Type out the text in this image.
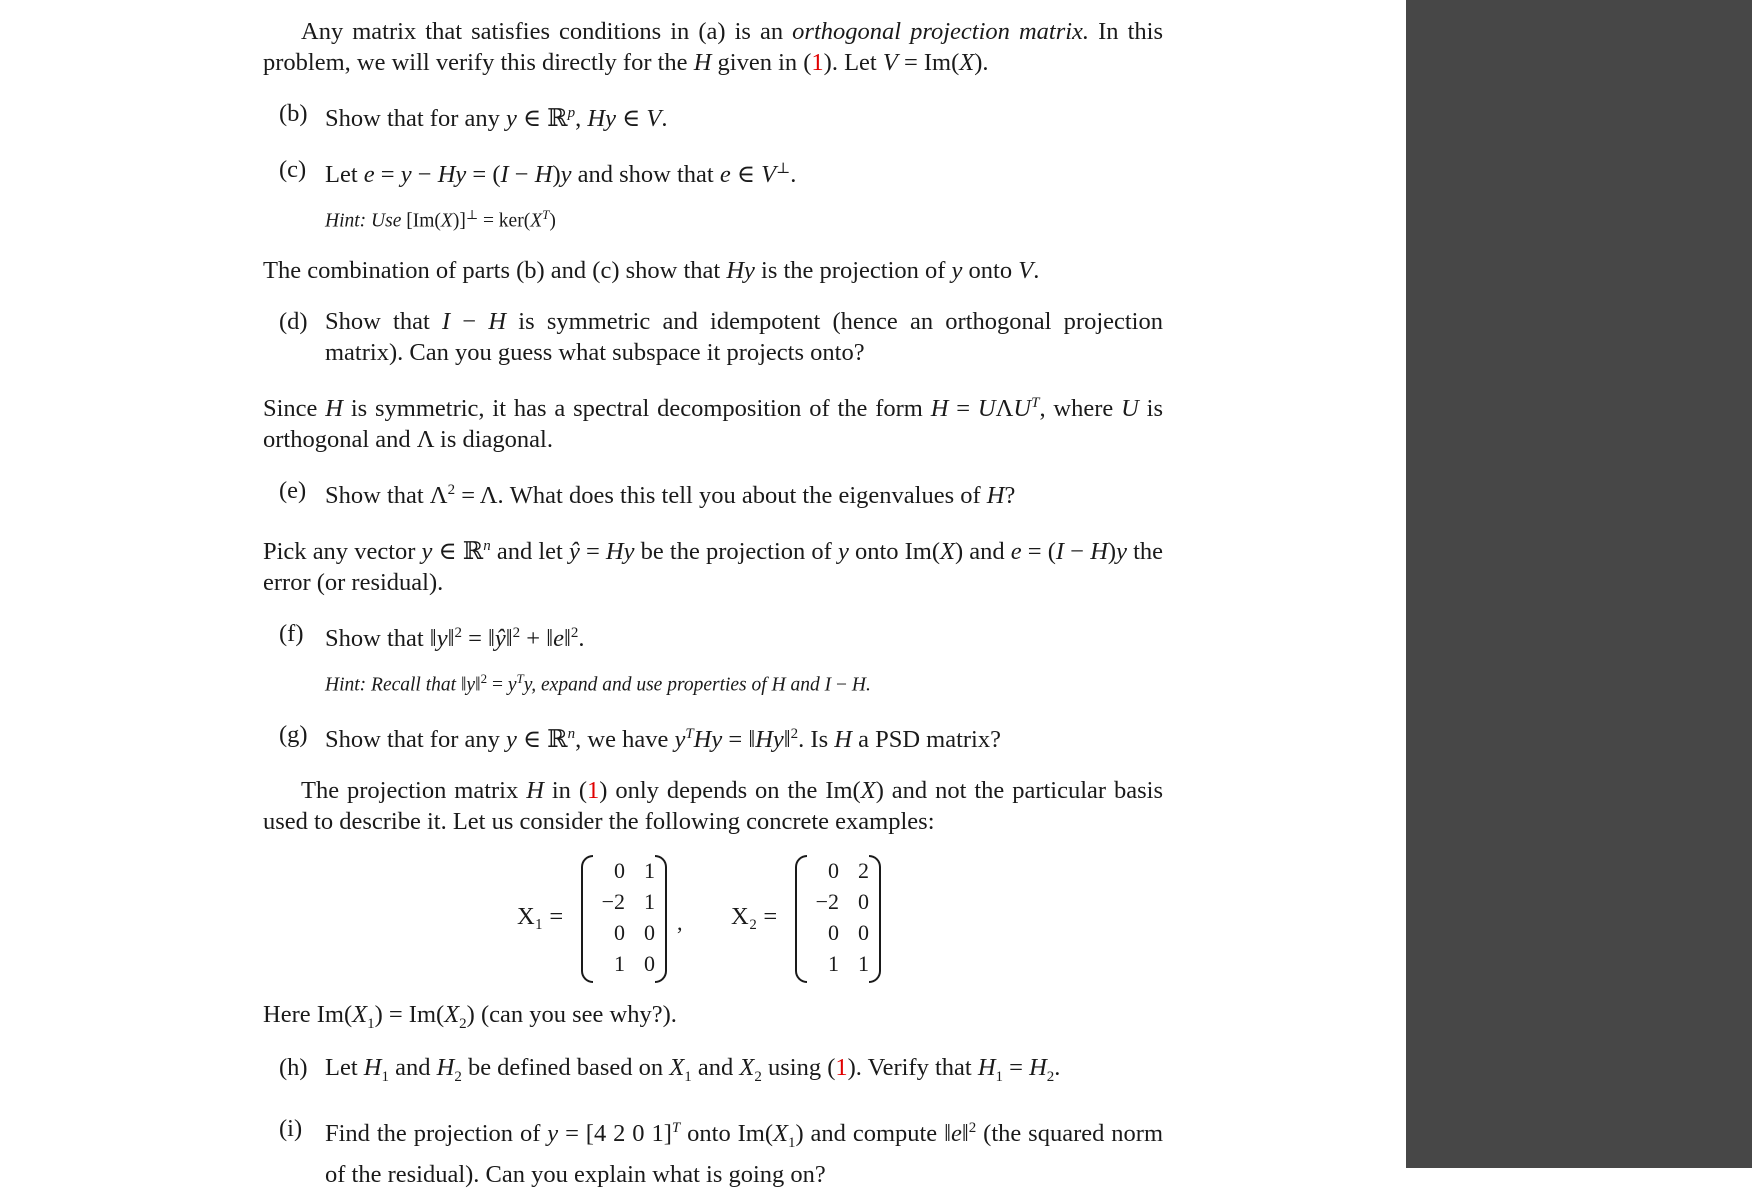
Any matrix that satisfies conditions in (a) is an orthogonal projection matrix. In this problem, we will verify this directly for the H given in (1). Let V = Im(X).

(b) Show that for any y ∈ ℝ$^p$, Hy ∈ V.

(c) Let e = y − Hy = (I − H)y and show that e ∈ V⊥.

Hint: Use $[Im(X)]^\perp = ker(X^T)$

The combination of parts (b) and (c) show that Hy is the projection of y onto V.

(d) Show that I − H is symmetric and idempotent (hence an orthogonal projection matrix). Can you guess what subspace it projects onto?

Since H is symmetric, it has a spectral decomposition of the form $H = U\Lambda U^T$, where U is orthogonal and Λ is diagonal.

(e) Show that $\Lambda^2 = \Lambda$. What does this tell you about the eigenvalues of H?

Pick any vector y ∈ ℝ$^n$ and let ŷ = Hy be the projection of y onto Im(X) and e = (I − H)y the error (or residual).

(f) Show that ‖y‖$^2$ = ‖ŷ‖$^2$ + ‖e‖$^2$.

Hint: Recall that ‖y‖$^2$ = $y^Ty$, expand and use properties of H and I − H.

(g) Show that for any y ∈ ℝ$^n$, we have $y^THy$ = ‖Hy‖$^2$. Is H a PSD matrix?

The projection matrix H in (1) only depends on the Im(X) and not the particular basis used to describe it. Let us consider the following concrete examples:

X₁ =
0	1
−2	1
0	0
1	0
, X₂ =
0	2
−2	0
0	0
1	1

Here $Im(X_1) = Im(X_2)$ (can you see why?).

(h) Let $H_1$ and $H_2$ be defined based on $X_1$ and $X_2$ using (1). Verify that $H_1 = H_2$.

(i) Find the projection of y = [4 2 0 1]$^T$ onto $Im(X_1)$ and compute ‖e‖$^2$ (the squared norm of the residual). Can you explain what is going on?
